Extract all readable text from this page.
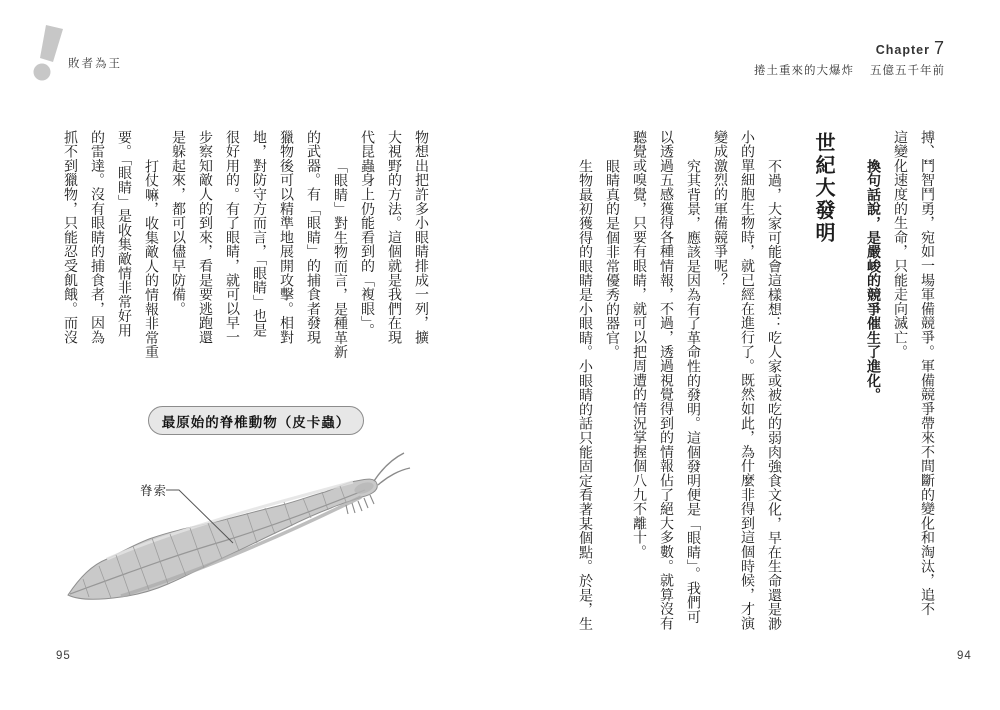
敗者為王
Chapter 7
捲土重來的大爆炸 五億五千年前
搏、鬥智鬥勇，宛如一場軍備競爭。軍備競爭帶來不間斷的變化和淘汰，追不
這變化速度的生命，只能走向滅亡。
換句話說，是嚴峻的競爭催生了進化。
世紀大發明
不過，大家可能會這樣想：吃人家或被吃的弱肉強食文化，早在生命還是渺
小的單細胞生物時，就已經在進行了。既然如此，為什麼非得到這個時候，才演
變成激烈的軍備競爭呢？
究其背景，應該是因為有了革命性的發明。這個發明便是「眼睛」。我們可
以透過五感獲得各種情報，不過，透過視覺得到的情報佔了絕大多數。就算沒有
聽覺或嗅覺，只要有眼睛，就可以把周遭的情況掌握個八九不離十。
眼睛真的是個非常優秀的器官。
生物最初獲得的眼睛是小眼睛。小眼睛的話只能固定看著某個點。於是，生
物想出把許多小眼睛排成一列，擴
大視野的方法。這個就是我們在現
代昆蟲身上仍能看到的「複眼」。
「眼睛」對生物而言，是種革新
的武器。有「眼睛」的捕食者發現
獵物後可以精準地展開攻擊。相對
地，對防守方而言，「眼睛」也是
很好用的。有了眼睛，就可以早一
步察知敵人的到來，看是要逃跑還
是躲起來，都可以儘早防備。
打仗嘛，收集敵人的情報非常重
要。「眼睛」是收集敵情非常好用
的雷達。沒有眼睛的捕食者，因為
抓不到獵物，只能忍受飢餓。而沒
最原始的脊椎動物（皮卡蟲）
脊索
95	94
